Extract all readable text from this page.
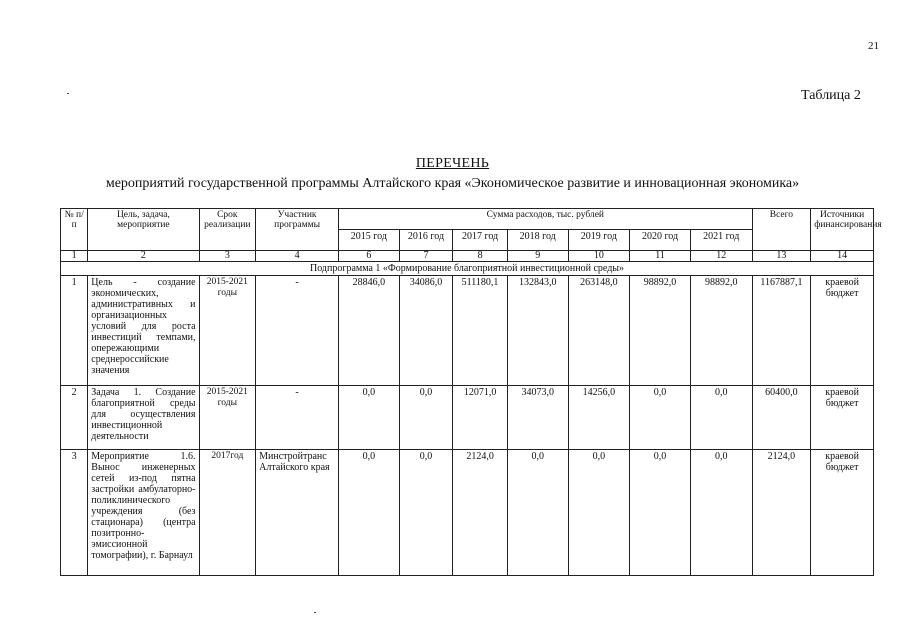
21
Таблица 2
ПЕРЕЧЕНЬ
мероприятий государственной программы Алтайского края «Экономическое развитие и инновационная экономика»
№ п/п	Цель, задача, мероприятие	Срок реализации	Участник программы	Сумма расходов, тыс. рублей							Всего	Источники финансирования
				2015 год	2016 год	2017 год	2018 год	2019 год	2020 год	2021 год		
1	2	3	4	6	7	8	9	10	11	12	13	14
Подпрограмма 1 «Формирование благоприятной инвестиционной среды»												
1	Цель - создание экономических, административных и организационных условий для роста инвестиций темпами, опережающими среднероссийские значения	2015-2021 годы	-	28846,0	34086,0	511180,1	132843,0	263148,0	98892,0	98892,0	1167887,1	краевой бюджет
2	Задача 1. Создание благоприятной среды для осуществления инвестиционной деятельности	2015-2021 годы	-	0,0	0,0	12071,0	34073,0	14256,0	0,0	0,0	60400,0	краевой бюджет
3	Мероприятие 1.6. Вынос инженерных сетей из-под пятна застройки амбулаторно-поликлинического учреждения (без стационара) (центра позитронно-эмиссионной томографии), г. Барнаул	2017год	Минстройтранс Алтайского края	0,0	0,0	2124,0	0,0	0,0	0,0	0,0	2124,0	краевой бюджет
